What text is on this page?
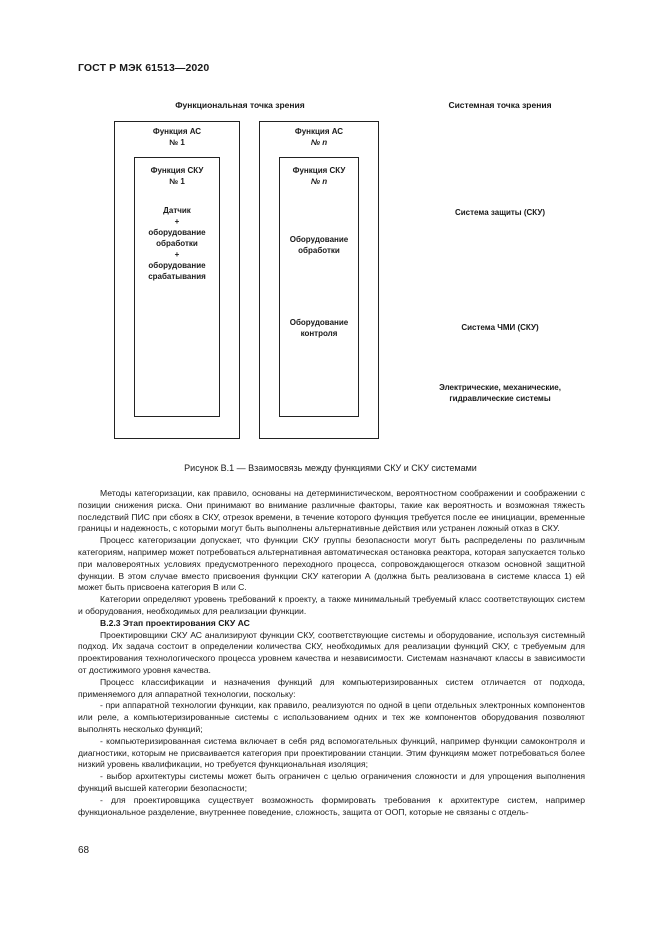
ГОСТ Р МЭК 61513—2020
Функциональная точка зрения	Системная точка зрения
Функция АС
№ 1
Функция СКУ
№ 1
Датчик
+
оборудование
обработки
+
оборудование
срабатывания
Функция АС
№ n
Функция СКУ
№ n
Оборудование
обработки
Оборудование
контроля
Система защиты (СКУ)
Система ЧМИ (СКУ)
Электрические, механические,
гидравлические системы
Рисунок В.1 — Взаимосвязь между функциями СКУ и СКУ системами

Методы категоризации, как правило, основаны на детерминистическом, вероятностном соображении и соображении с позиции снижения риска. Они принимают во внимание различные факторы, такие как вероятность и возможная тяжесть последствий ПИС при сбоях в СКУ, отрезок времени, в течение которого функция требуется после ее инициации, временные границы и надежность, с которыми могут быть выполнены альтернативные действия или устранен ложный отказ в СКУ.

Процесс категоризации допускает, что функции СКУ группы безопасности могут быть распределены по различным категориям, например может потребоваться альтернативная автоматическая остановка реактора, которая запускается только при маловероятных условиях предусмотренного переходного процесса, сопровождающегося отказом основной защитной функции. В этом случае вместо присвоения функции СКУ категории А (должна быть реализована в системе класса 1) ей может быть присвоена категория В или С.

Категории определяют уровень требований к проекту, а также минимальный требуемый класс соответствующих систем и оборудования, необходимых для реализации функции.

В.2.3 Этап проектирования СКУ АС

Проектировщики СКУ АС анализируют функции СКУ, соответствующие системы и оборудование, используя системный подход. Их задача состоит в определении количества СКУ, необходимых для реализации функций СКУ, с требуемым для проектирования технологического процесса уровнем качества и независимости. Системам назначают классы в зависимости от достижимого уровня качества.

Процесс классификации и назначения функций для компьютеризированных систем отличается от подхода, применяемого для аппаратной технологии, поскольку:

- при аппаратной технологии функции, как правило, реализуются по одной в цепи отдельных электронных компонентов или реле, а компьютеризированные системы с использованием одних и тех же компонентов оборудования позволяют выполнять несколько функций;

- компьютеризированная система включает в себя ряд вспомогательных функций, например функции самоконтроля и диагностики, которым не присваивается категория при проектировании станции. Этим функциям может потребоваться более низкий уровень квалификации, но требуется функциональная изоляция;

- выбор архитектуры системы может быть ограничен с целью ограничения сложности и для упрощения выполнения функций высшей категории безопасности;

- для проектировщика существует возможность формировать требования к архитектуре систем, например функциональное разделение, внутреннее поведение, сложность, защита от ООП, которые не связаны с отдель-

68
